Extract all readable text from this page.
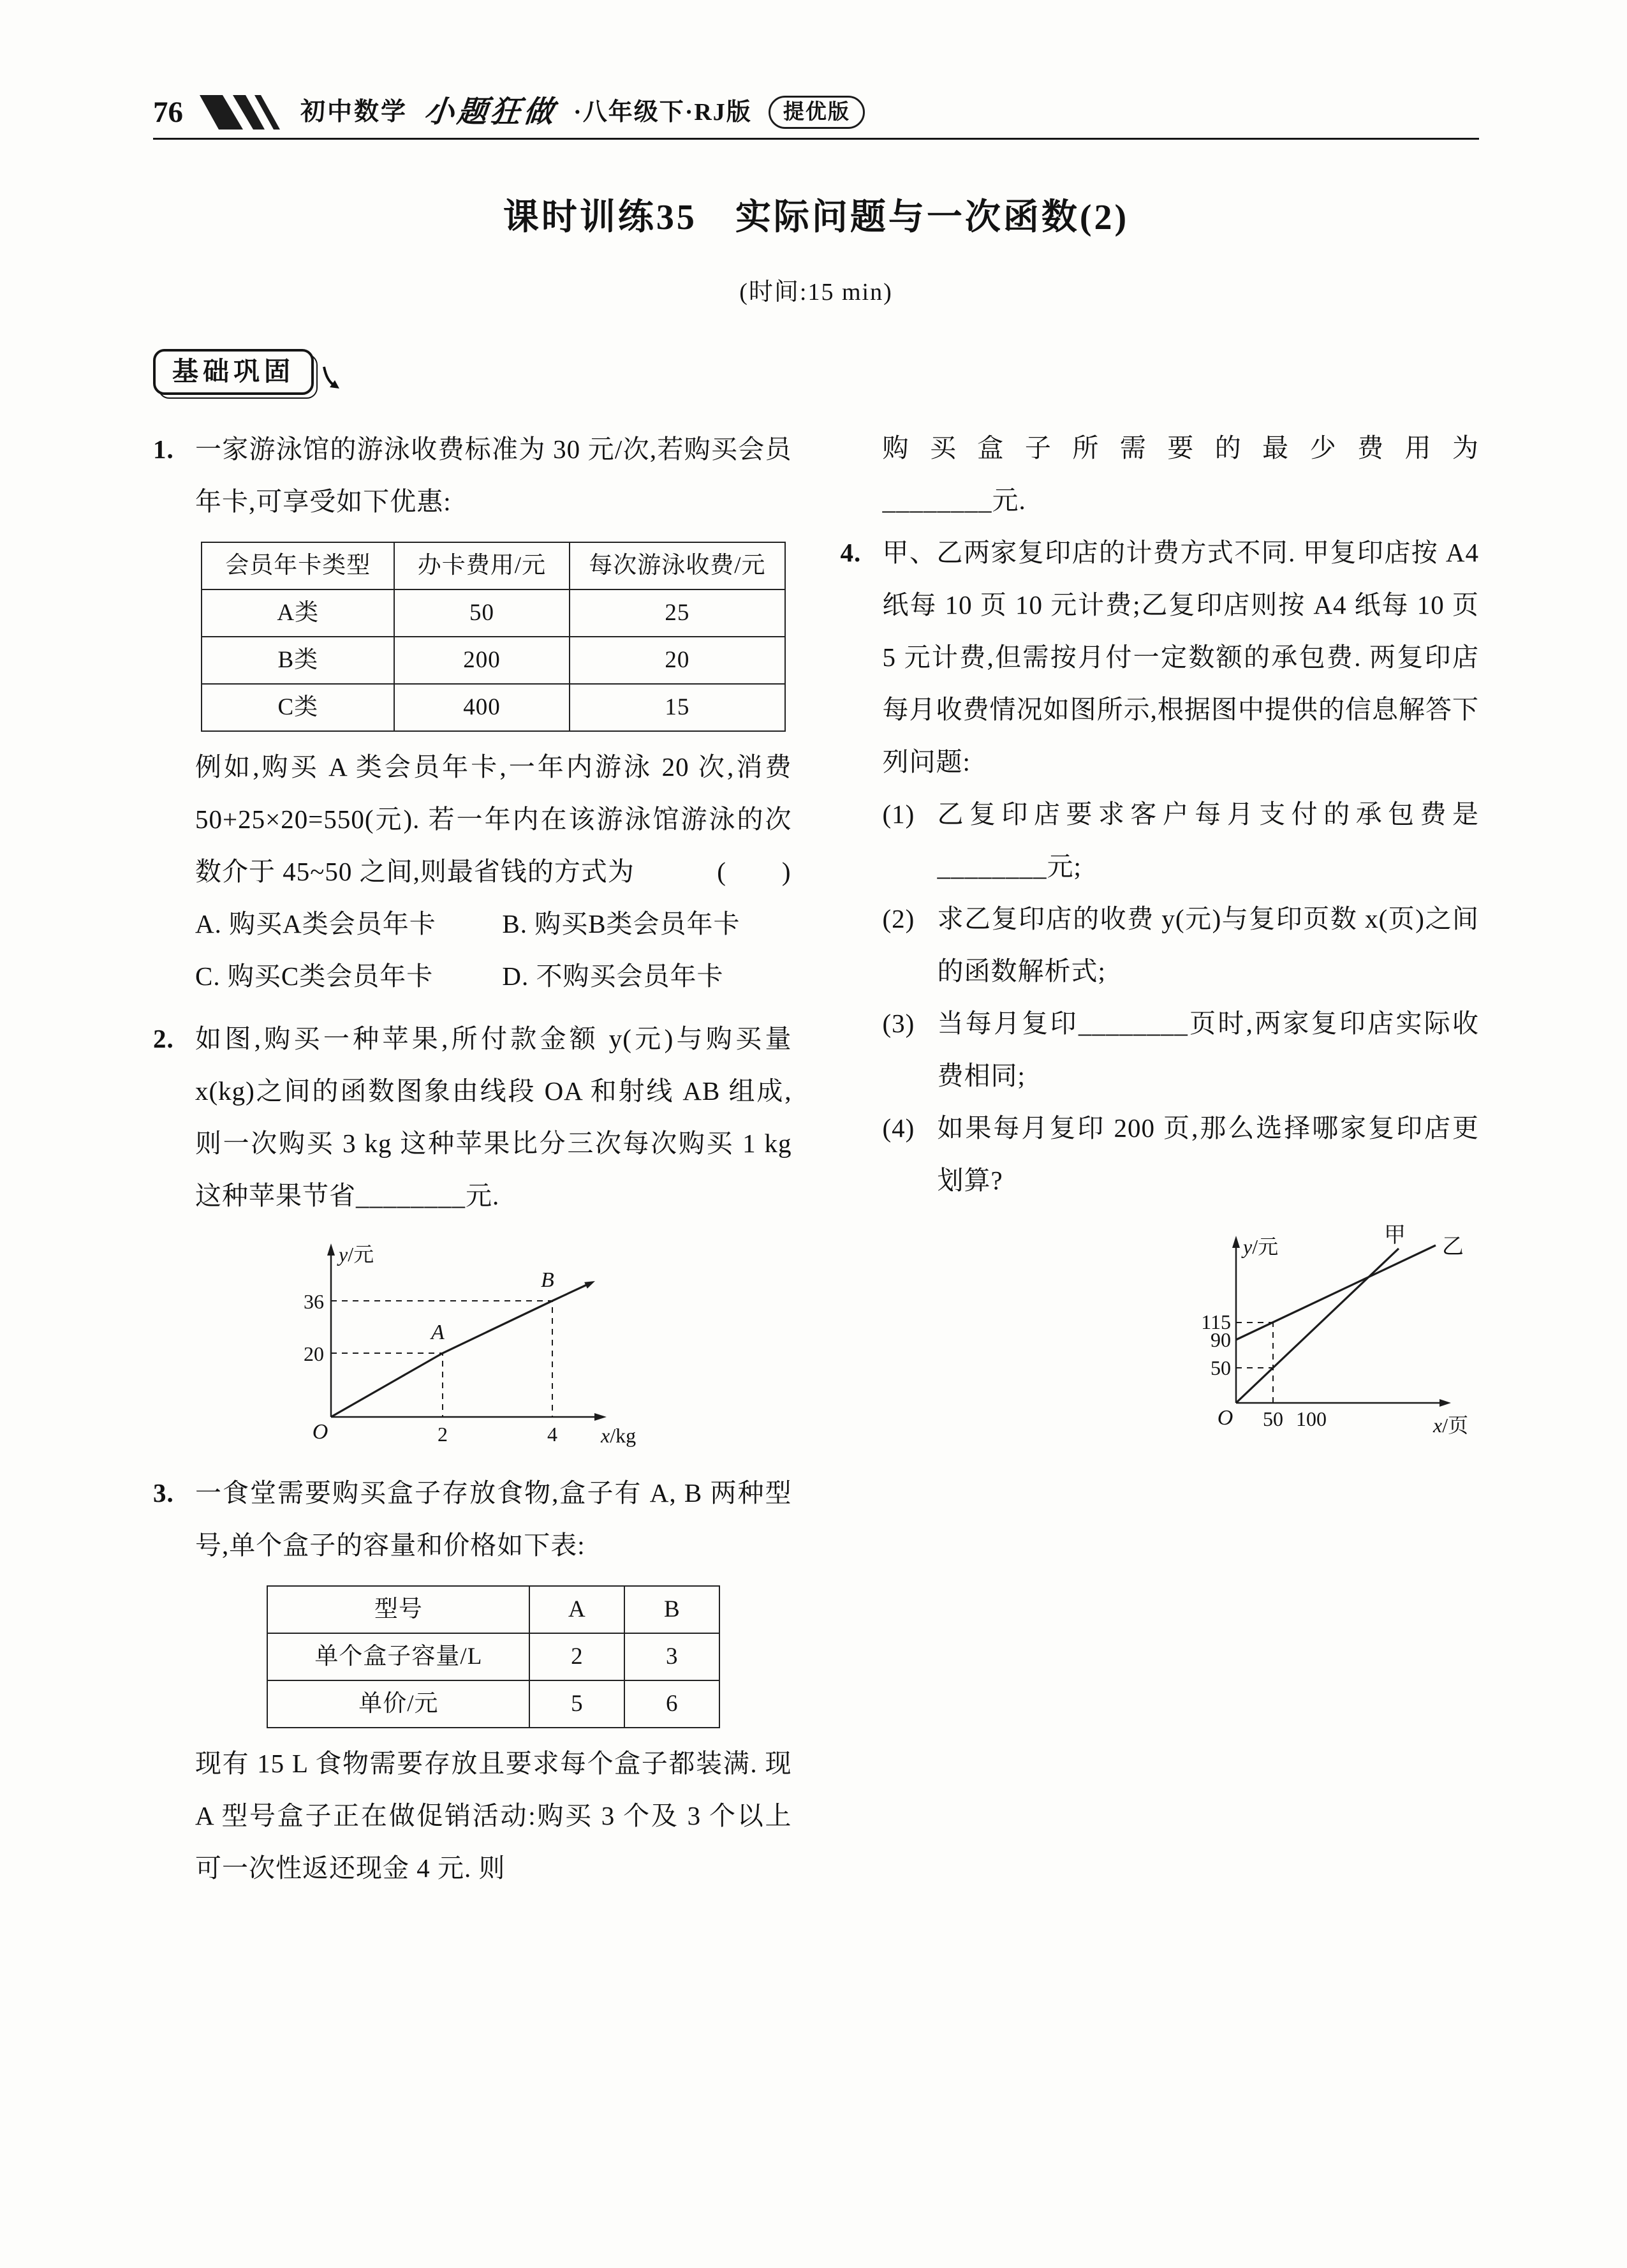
76	初中数学 小题狂做 ·八年级下·RJ版	提优版
课时训练35　实际问题与一次函数(2)
(时间:15 min)
基础巩固
1. 一家游泳馆的游泳收费标准为 30 元/次,若购买会员年卡,可享受如下优惠:
会员年卡类型	办卡费用/元	每次游泳收费/元
A类	50	25
B类	200	20
C类	400	15
例如,购买 A 类会员年卡,一年内游泳 20 次,消费 50+25×20=550(元). 若一年内在该游泳馆游泳的次数介于 45~50 之间,则最省钱的方式为	(　　)
A. 购买A类会员年卡	B. 购买B类会员年卡
C. 购买C类会员年卡	D. 不购买会员年卡
2. 如图,购买一种苹果,所付款金额 y(元)与购买量 x(kg)之间的函数图象由线段 OA 和射线 AB 组成,则一次购买 3 kg 这种苹果比分三次每次购买 1 kg 这种苹果节省________元.
y/元
x/kg
36
20
2	4
O
A
B
3. 一食堂需要购买盒子存放食物,盒子有 A, B 两种型号,单个盒子的容量和价格如下表:
型号	A	B
单个盒子容量/L	2	3
单价/元	5	6
现有 15 L 食物需要存放且要求每个盒子都装满. 现 A 型号盒子正在做促销活动:购买 3 个及 3 个以上可一次性返还现金 4 元. 则
购买盒子所需要的最少费用为
________元.
4. 甲、乙两家复印店的计费方式不同. 甲复印店按 A4 纸每 10 页 10 元计费;乙复印店则按 A4 纸每 10 页 5 元计费,但需按月付一定数额的承包费. 两复印店每月收费情况如图所示,根据图中提供的信息解答下列问题:
(1) 乙复印店要求客户每月支付的承包费是________元;
(2) 求乙复印店的收费 y(元)与复印页数 x(页)之间的函数解析式;
(3) 当每月复印________页时,两家复印店实际收费相同;
(4) 如果每月复印 200 页,那么选择哪家复印店更划算?
y/元
x/页
115
90
50
50 100
O
甲 乙
